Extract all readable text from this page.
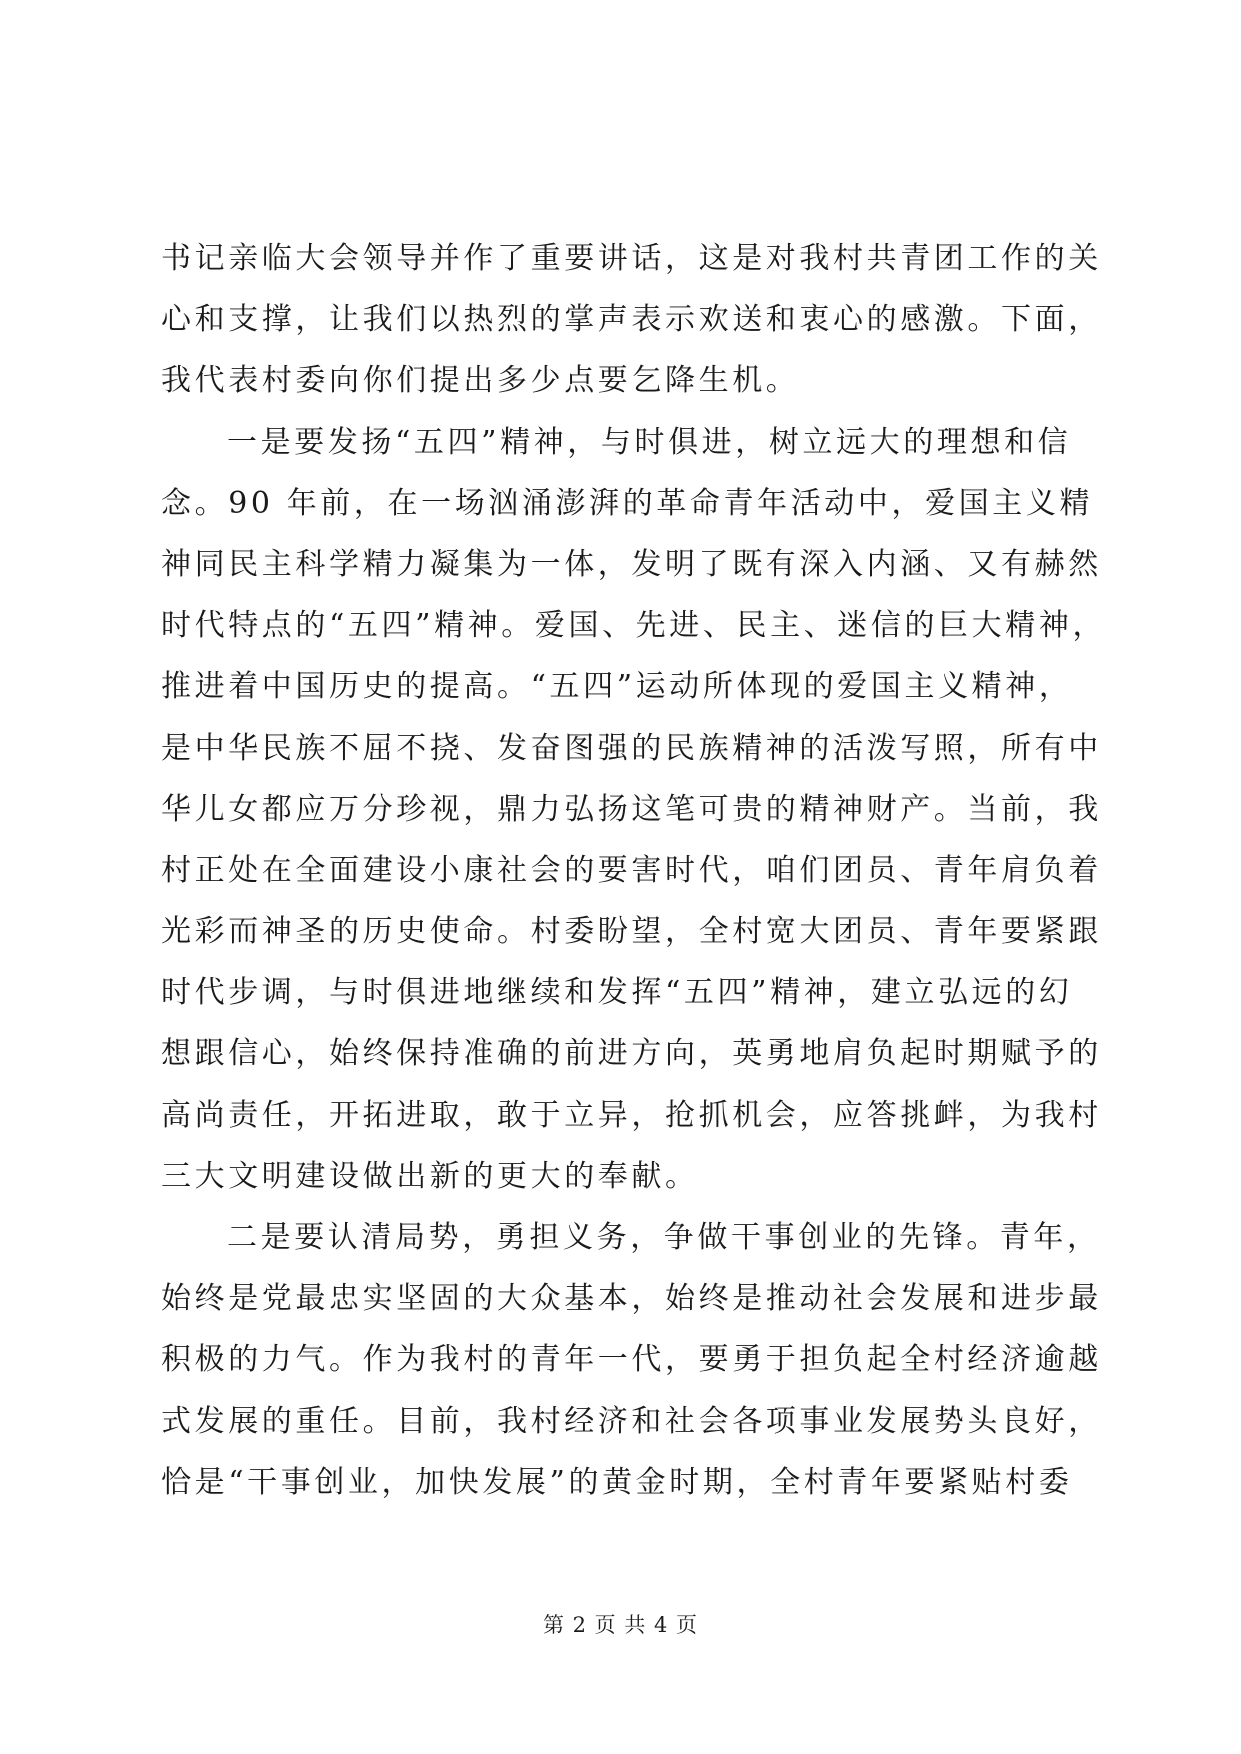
书记亲临大会领导并作了重要讲话，这是对我村共青团工作的关
心和支撑，让我们以热烈的掌声表示欢送和衷心的感激。下面，
我代表村委向你们提出多少点要乞降生机。
一是要发扬“五四”精神，与时俱进，树立远大的理想和信
念。90 年前，在一场汹涌澎湃的革命青年活动中，爱国主义精
神同民主科学精力凝集为一体，发明了既有深入内涵、又有赫然
时代特点的“五四”精神。爱国、先进、民主、迷信的巨大精神，
推进着中国历史的提高。“五四”运动所体现的爱国主义精神，
是中华民族不屈不挠、发奋图强的民族精神的活泼写照，所有中
华儿女都应万分珍视，鼎力弘扬这笔可贵的精神财产。当前，我
村正处在全面建设小康社会的要害时代，咱们团员、青年肩负着
光彩而神圣的历史使命。村委盼望，全村宽大团员、青年要紧跟
时代步调，与时俱进地继续和发挥“五四”精神，建立弘远的幻
想跟信心，始终保持准确的前进方向，英勇地肩负起时期赋予的
高尚责任，开拓进取，敢于立异，抢抓机会，应答挑衅，为我村
三大文明建设做出新的更大的奉献。
二是要认清局势，勇担义务，争做干事创业的先锋。青年，
始终是党最忠实坚固的大众基本，始终是推动社会发展和进步最
积极的力气。作为我村的青年一代，要勇于担负起全村经济逾越
式发展的重任。目前，我村经济和社会各项事业发展势头良好，
恰是“干事创业，加快发展”的黄金时期，全村青年要紧贴村委
第 2 页 共 4 页
